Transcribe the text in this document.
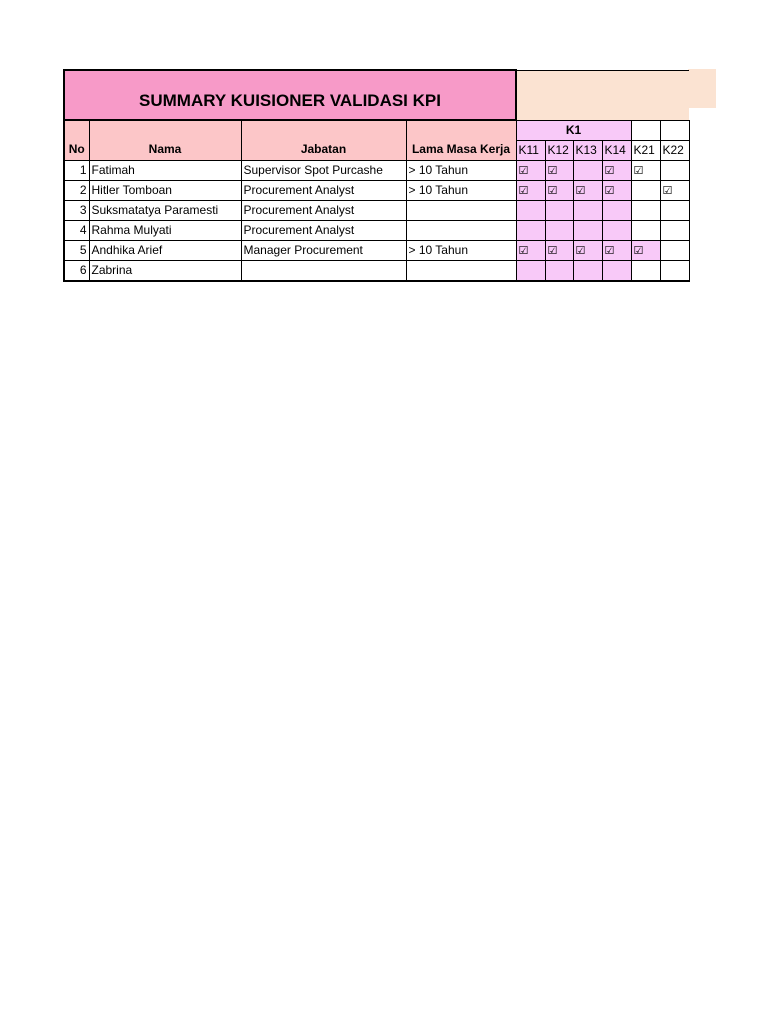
SUMMARY KUISIONER VALIDASI KPI									
				K1					
No	Nama	Jabatan	Lama Masa Kerja	K11	K12	K13	K14	K21	K22
1	Fatimah	Supervisor Spot Purcashe	> 10 Tahun	☑	☑		☑	☑	
2	Hitler Tomboan	Procurement Analyst	> 10 Tahun	☑	☑	☑	☑		☑
3	Suksmatatya Paramesti	Procurement Analyst							
4	Rahma Mulyati	Procurement Analyst							
5	Andhika Arief	Manager Procurement	> 10 Tahun	☑	☑	☑	☑	☑	
6	Zabrina								
